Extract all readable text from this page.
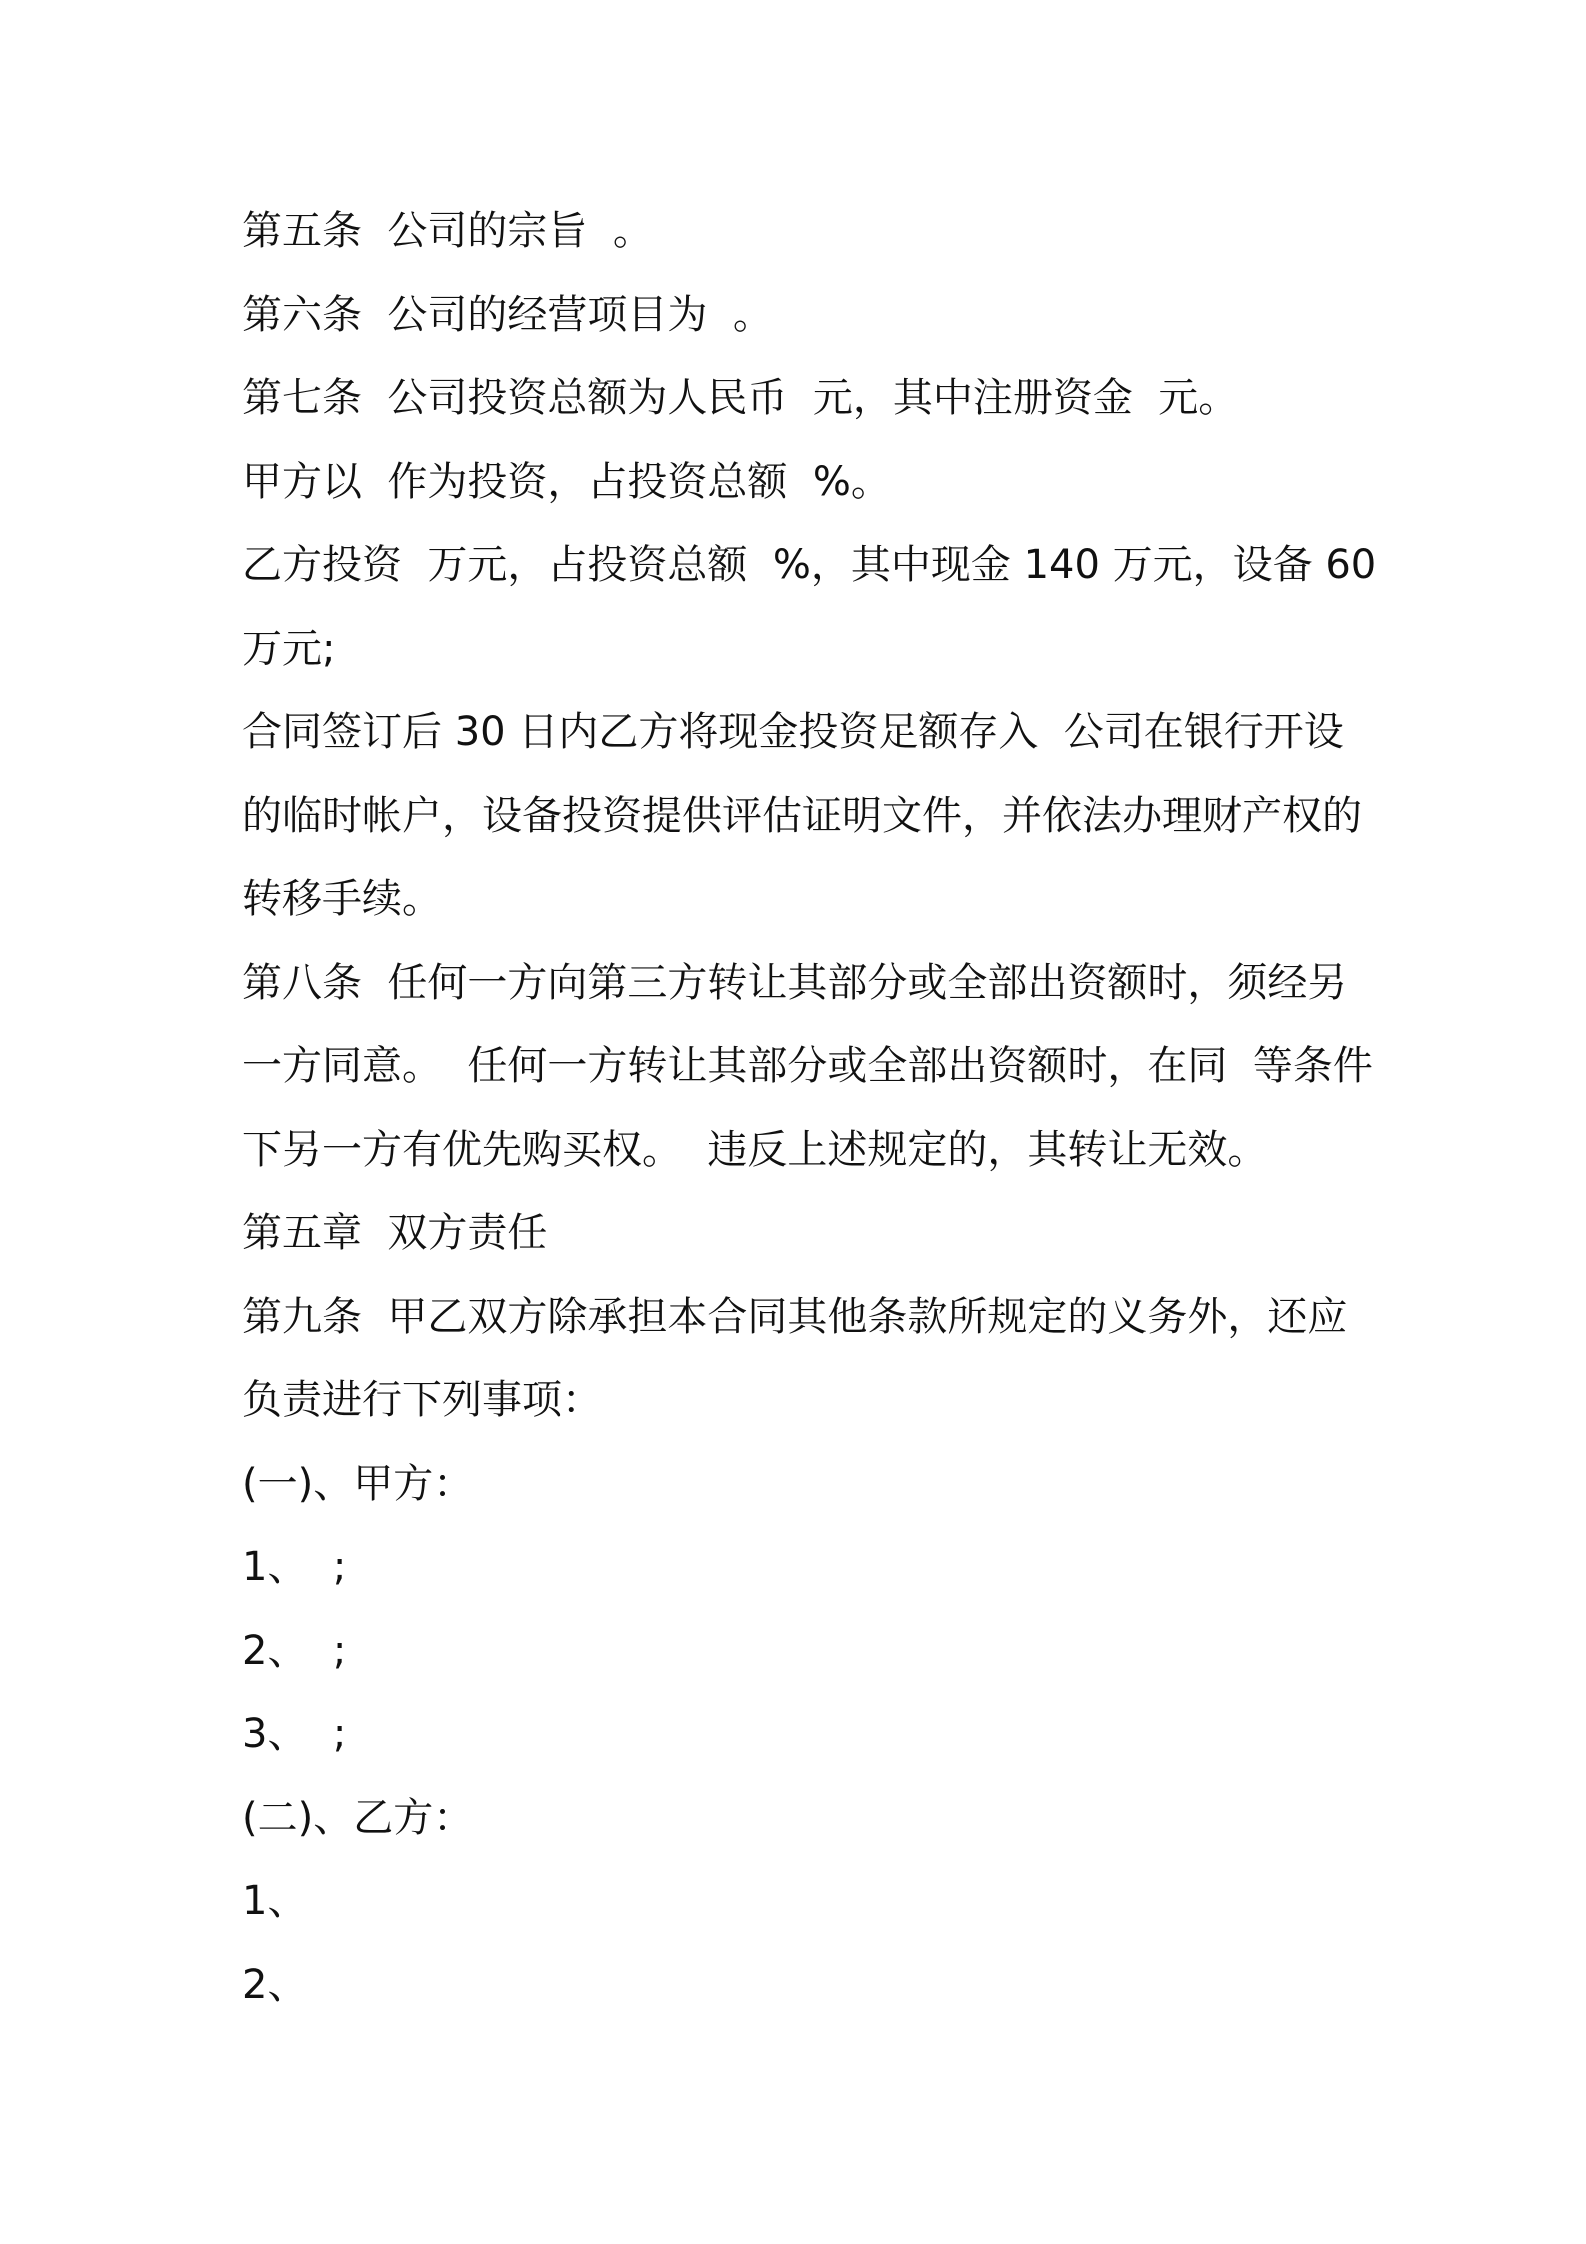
第五条  公司的宗旨  。
第六条  公司的经营项目为  。
第七条  公司投资总额为人民币  元，其中注册资金  元。
甲方以  作为投资，占投资总额  %。
乙方投资  万元，占投资总额  %，其中现金 140 万元，设备 60
万元;
合同签订后 30 日内乙方将现金投资足额存入  公司在银行开设
的临时帐户，设备投资提供评估证明文件，并依法办理财产权的
转移手续。
第八条  任何一方向第三方转让其部分或全部出资额时，须经另
一方同意。  任何一方转让其部分或全部出资额时，在同  等条件
下另一方有优先购买权。  违反上述规定的，其转让无效。
第五章  双方责任
第九条  甲乙双方除承担本合同其他条款所规定的义务外，还应
负责进行下列事项：
(一)、甲方：
1、  ;
2、  ;
3、  ;
(二)、乙方：
1、
2、
